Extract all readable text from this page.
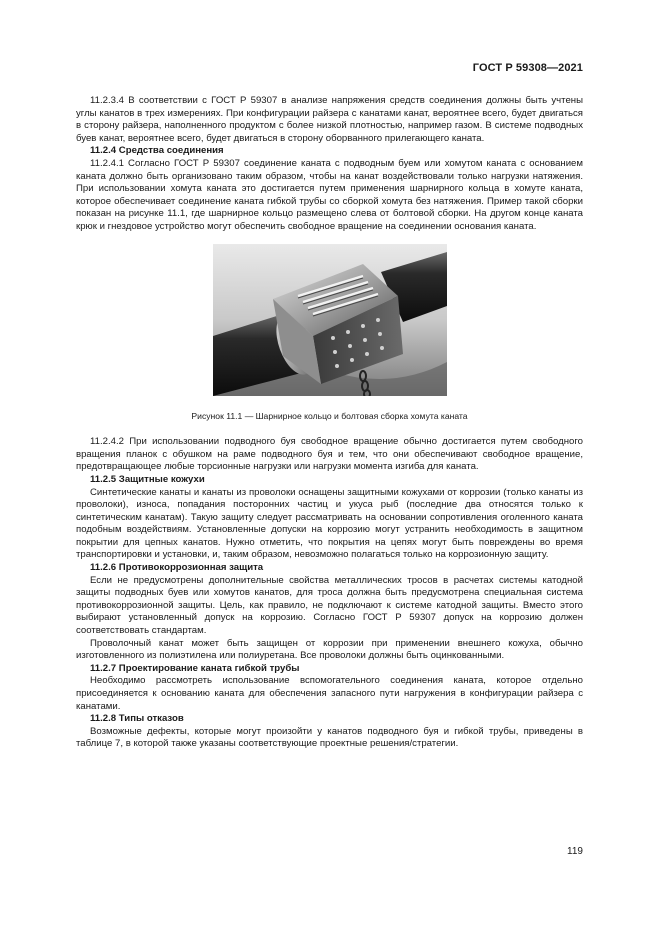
ГОСТ Р 59308—2021

11.2.3.4 В соответствии с ГОСТ Р 59307 в анализе напряжения средств соединения должны быть учтены углы канатов в трех измерениях. При конфигурации райзера с канатами канат, вероятнее всего, будет двигаться в сторону райзера, наполненного продуктом с более низкой плотностью, например газом. В системе подводных буев канат, вероятнее всего, будет двигаться в сторону оборванного прилегающего каната.

11.2.4 Средства соединения

11.2.4.1 Согласно ГОСТ Р 59307 соединение каната с подводным буем или хомутом каната с основанием каната должно быть организовано таким образом, чтобы на канат воздействовали только нагрузки натяжения. При использовании хомута каната это достигается путем применения шарнирного кольца в хомуте каната, которое обеспечивает соединение каната гибкой трубы со сборкой хомута без натяжения. Пример такой сборки показан на рисунке 11.1, где шарнирное кольцо размещено слева от болтовой сборки. На другом конце каната крюк и гнездовое устройство могут обеспечить свободное вращение на соединении основания каната.

Рисунок 11.1 — Шарнирное кольцо и болтовая сборка хомута каната

11.2.4.2 При использовании подводного буя свободное вращение обычно достигается путем свободного вращения планок с обушком на раме подводного буя и тем, что они обеспечивают свободное вращение, предотвращающее любые торсионные нагрузки или нагрузки момента изгиба для каната.

11.2.5 Защитные кожухи

Синтетические канаты и канаты из проволоки оснащены защитными кожухами от коррозии (только канаты из проволоки), износа, попадания посторонних частиц и укуса рыб (последние два относятся только к синтетическим канатам). Такую защиту следует рассматривать на основании сопротивления оголенного каната подобным воздействиям. Установленные допуски на коррозию могут устранить необходимость в защитном покрытии для цепных канатов. Нужно отметить, что покрытия на цепях могут быть повреждены во время транспортировки и установки, и, таким образом, невозможно полагаться только на коррозионную защиту.

11.2.6 Противокоррозионная защита

Если не предусмотрены дополнительные свойства металлических тросов в расчетах системы катодной защиты подводных буев или хомутов канатов, для троса должна быть предусмотрена специальная система противокоррозионной защиты. Цель, как правило, не подключают к системе катодной защиты. Вместо этого выбирают установленный допуск на коррозию. Согласно ГОСТ Р 59307 допуск на коррозию должен соответствовать стандартам.

Проволочный канат может быть защищен от коррозии при применении внешнего кожуха, обычно изготовленного из полиэтилена или полиуретана. Все проволоки должны быть оцинкованными.

11.2.7 Проектирование каната гибкой трубы

Необходимо рассмотреть использование вспомогательного соединения каната, которое отдельно присоединяется к основанию каната для обеспечения запасного пути нагружения в конфигурации райзера с канатами.

11.2.8 Типы отказов

Возможные дефекты, которые могут произойти у канатов подводного буя и гибкой трубы, приведены в таблице 7, в которой также указаны соответствующие проектные решения/стратегии.

119
